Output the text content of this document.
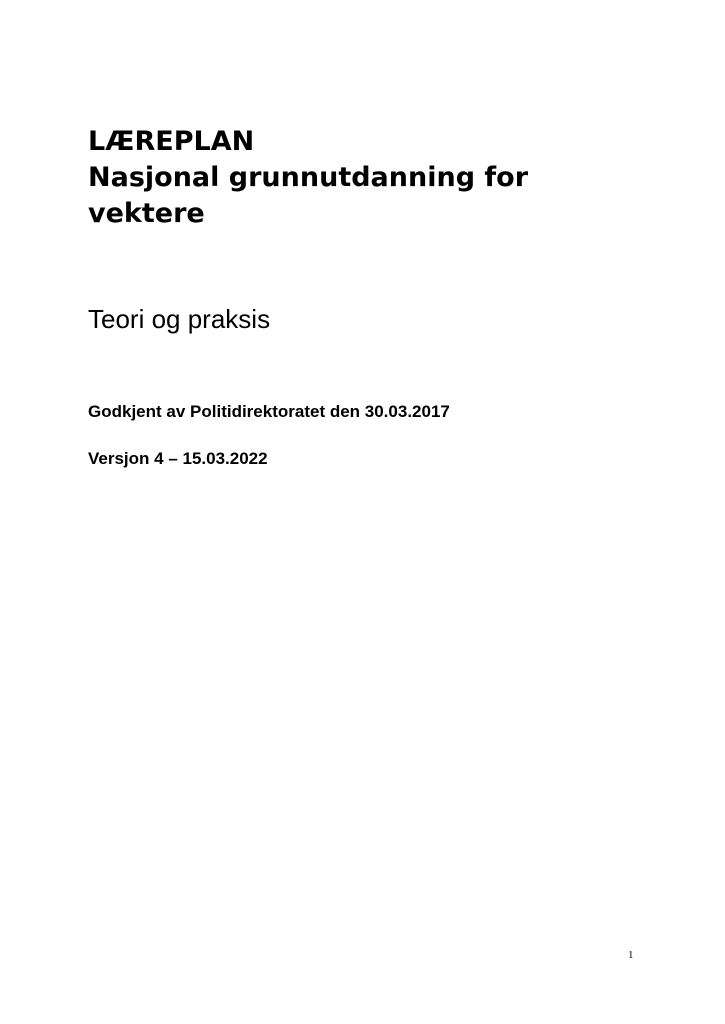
LÆREPLAN
Nasjonal grunnutdanning for
vektere
Teori og praksis
Godkjent av Politidirektoratet den 30.03.2017
Versjon 4 – 15.03.2022
1
